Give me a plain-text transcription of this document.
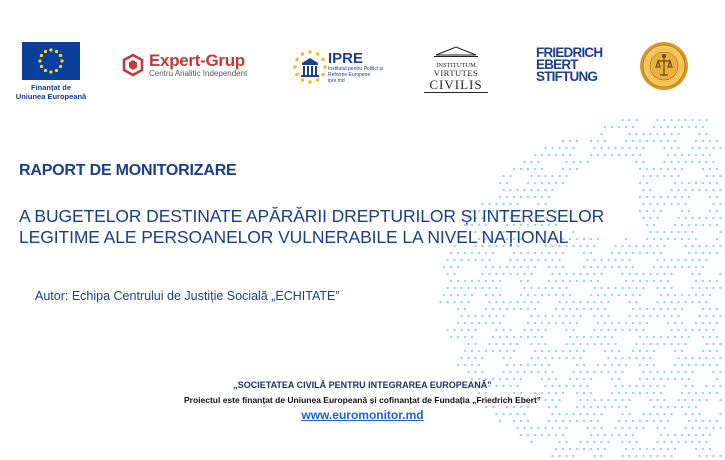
Finanțat de
Uniunea Europeană
Expert-Grup
Centru Analitic Independent
IPRE
Institutul pentru Politici și Reforme Europene ipre.md
INSTITUTUM
VIRTUTES
CIVILIS
FRIEDRICH
EBERT
STIFTUNG
RAPORT DE MONITORIZARE
A BUGETELOR DESTINATE APĂRĂRII DREPTURILOR ȘI INTERESELOR LEGITIME ALE PERSOANELOR VULNERABILE LA NIVEL NAȚIONAL
Autor: Echipa Centrului de Justiție Socială „ECHITATE”
„SOCIETATEA CIVILĂ PENTRU INTEGRAREA EUROPEANĂ”
Proiectul este finanțat de Uniunea Europeană și cofinanțat de Fundația „Friedrich Ebert”
www.euromonitor.md
